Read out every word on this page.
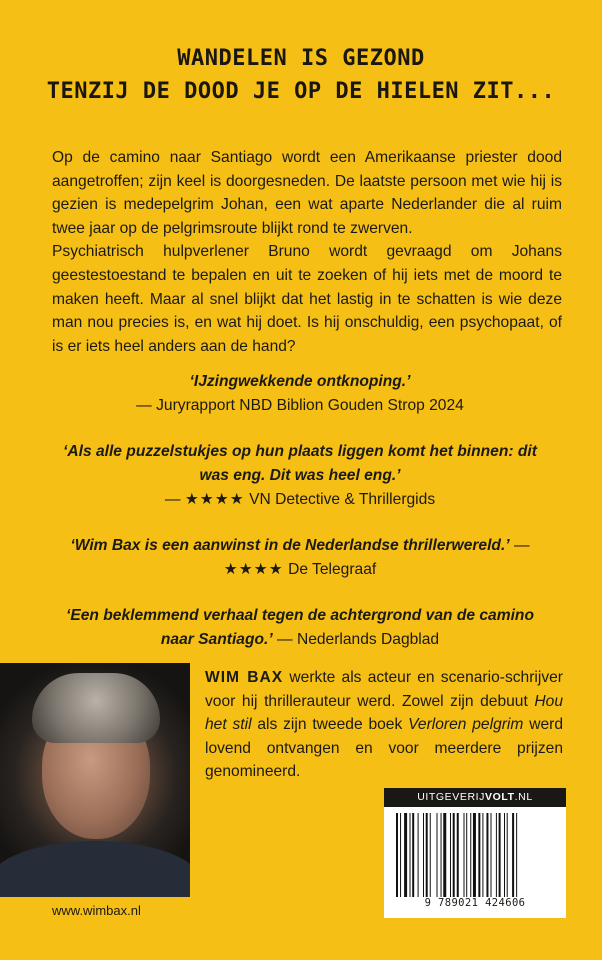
WANDELEN IS GEZOND
TENZIJ DE DOOD JE OP DE HIELEN ZIT...

Op de camino naar Santiago wordt een Amerikaanse priester dood aangetroffen; zijn keel is doorgesneden. De laatste persoon met wie hij is gezien is medepelgrim Johan, een wat aparte Nederlander die al ruim twee jaar op de pelgrimsroute blijkt rond te zwerven.

Psychiatrisch hulpverlener Bruno wordt gevraagd om Johans geestestoestand te bepalen en uit te zoeken of hij iets met de moord te maken heeft. Maar al snel blijkt dat het lastig in te schatten is wie deze man nou precies is, en wat hij doet. Is hij onschuldig, een psychopaat, of is er iets heel anders aan de hand?

‘IJzingwekkende ontknoping.’
— Juryrapport NBD Biblion Gouden Strop 2024
‘Als alle puzzelstukjes op hun plaats liggen komt het binnen: dit was eng. Dit was heel eng.’
— ★★★★ VN Detective & Thrillergids
‘Wim Bax is een aanwinst in de Nederlandse thrillerwereld.’ — ★★★★ De Telegraaf
‘Een beklemmend verhaal tegen de achtergrond van de camino naar Santiago.’ — Nederlands Dagblad
WIM BAX werkte als acteur en scenario-schrijver voor hij thrillerauteur werd. Zowel zijn debuut Hou het stil als zijn tweede boek Verloren pelgrim werd lovend ontvangen en voor meerdere prijzen genomineerd.
www.wimbax.nl
UITGEVERIJVOLT.NL
9 789021 424606
